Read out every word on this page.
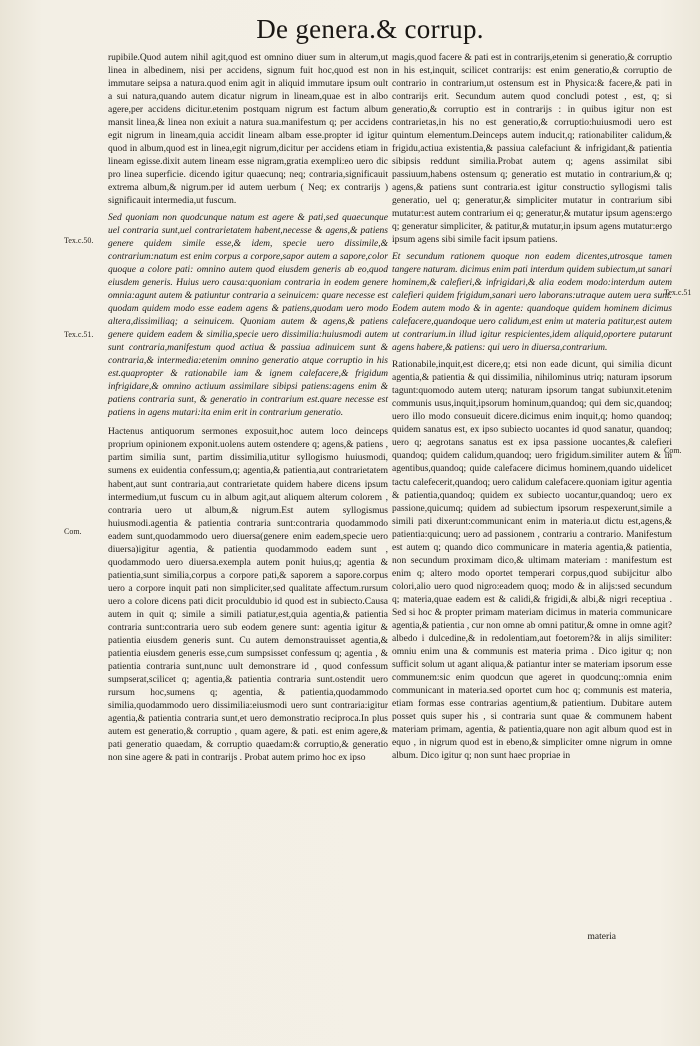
De genera.& corrup.
Tex.c.50.
Tex.c.51.
Com.
Tex.c.51
Com.

rupibile.Quod autem nihil agit,quod est omnino diuer sum in alterum,ut linea in albedinem, nisi per accidens, signum fuit hoc,quod est non immutare seipsa a natura.quod enim agit in aliquid immutare ipsum oult a sui natura,quando autem dicatur nigrum in lineam,quae est in albo agere,per accidens dicitur.etenim postquam nigrum est factum album mansit linea,& linea non exiuit a natura sua.manifestum q; per accidens egit nigrum in lineam,quia accidit lineam albam esse.propter id igitur quod in album,quod est in linea,egit nigrum,dicitur per accidens etiam in lineam egisse.dixit autem lineam esse nigram,gratia exempli:eo uero dic pro linea superficie. dicendo igitur quaecunq; neq; contraria,significauit extrema album,& nigrum.per id autem uerbum ( Neq; ex contrarijs ) significauit intermedia,ut fuscum.

Sed quoniam non quodcunque natum est agere & pati,sed quaecunque uel contraria sunt,uel contrarietatem habent,necesse & agens,& patiens genere quidem simile esse,& idem, specie uero dissimile,& contrarium:natum est enim corpus a corpore,sapor autem a sapore,color quoque a colore pati: omnino autem quod eiusdem generis ab eo,quod eiusdem generis. Huius uero causa:quoniam contraria in eodem genere omnia:agunt autem & patiuntur contraria a seinuicem: quare necesse est quodam quidem modo esse eadem agens & patiens,quodam uero modo altera,dissimiliaq; a seinuicem. Quoniam autem & agens,& patiens genere quidem eadem & similia,specie uero dissimilia:huiusmodi autem sunt contraria,manifestum quod actiua & passiua adinuicem sunt & contraria,& intermedia:etenim omnino generatio atque corruptio in his est.quapropter & rationabile iam & ignem calefacere,& frigidum infrigidare,& omnino actiuum assimilare sibipsi patiens:agens enim & patiens contraria sunt, & generatio in contrarium est.quare necesse est patiens in agens mutari:ita enim erit in contrarium generatio.

Hactenus antiquorum sermones exposuit,hoc autem loco deinceps proprium opinionem exponit.uolens autem ostendere q; agens,& patiens , partim similia sunt, partim dissimilia,utitur syllogismo huiusmodi, sumens ex euidentia confessum,q; agentia,& patientia,aut contrarietatem habent,aut sunt contraria,aut contrarietate quidem habere dicens ipsum intermedium,ut fuscum cu in album agit,aut aliquem alterum colorem , contraria uero ut album,& nigrum.Est autem syllogismus huiusmodi.agentia & patientia contraria sunt:contraria quodammodo eadem sunt,quodammodo uero diuersa(genere enim eadem,specie uero diuersa)igitur agentia, & patientia quodammodo eadem sunt , quodammodo uero diuersa.exempla autem ponit huius,q; agentia & patientia,sunt similia,corpus a corpore pati,& saporem a sapore.corpus uero a corpore inquit pati non simpliciter,sed qualitate affectum.rursum uero a colore dicens pati dicit proculdubio id quod est in subiecto.Causa autem in quit q; simile a simili patiatur,est,quia agentia,& patientia contraria sunt:contraria uero sub eodem genere sunt: agentia igitur & patientia eiusdem generis sunt. Cu autem demonstrauisset agentia,& patientia eiusdem generis esse,cum sumpsisset confessum q; agentia , & patientia contraria sunt,nunc uult demonstrare id , quod confessum sumpserat,scilicet q; agentia,& patientia contraria sunt.ostendit uero rursum hoc,sumens q; agentia, & patientia,quodammodo similia,quodammodo uero dissimilia:eiusmodi uero sunt contraria:igitur agentia,& patientia contraria sunt,et uero demonstratio reciproca.In plus autem est generatio,& corruptio , quam agere, & pati. est enim agere,& pati generatio quaedam, & corruptio quaedam:& corruptio,& generatio non sine agere & pati in contrarijs . Probat autem primo hoc ex ipso

magis,quod facere & pati est in contrarijs,etenim si generatio,& corruptio in his est,inquit, scilicet contrarijs: est enim generatio,& corruptio de contrario in contrarium,ut ostensum est in Physica:& facere,& pati in contrarijs erit. Secundum autem quod concludi potest , est, q; si generatio,& corruptio est in contrarijs : in quibus igitur non est contrarietas,in his no est generatio,& corruptio:huiusmodi uero est quintum elementum.Deinceps autem inducit,q; rationabiliter calidum,& frigidu,actiua existentia,& passiua calefaciunt & infrigidant,& patientia sibipsis reddunt similia.Probat autem q; agens assimilat sibi passiuum,habens ostensum q; generatio est mutatio in contrarium,& q; agens,& patiens sunt contraria.est igitur constructio syllogismi talis generatio, uel q; generatur,& simpliciter mutatur in contrarium sibi mutatur:est autem contrarium ei q; generatur,& mutatur ipsum agens:ergo q; generatur simpliciter, & patitur,& mutatur,in ipsum agens mutatur:ergo ipsum agens sibi simile facit ipsum patiens.

Et secundum rationem quoque non eadem dicentes,utrosque tamen tangere naturam. dicimus enim pati interdum quidem subiectum,ut sanari hominem,& calefieri,& infrigidari,& alia eodem modo:interdum autem calefieri quidem frigidum,sanari uero laborans:utraque autem uera sunt. Eodem autem modo & in agente: quandoque quidem hominem dicimus calefacere,quandoque uero calidum,est enim ut materia patitur,est autem ut contrarium.in illud igitur respicientes,idem aliquid,oportere putarunt agens habere,& patiens: qui uero in diuersa,contrarium.

Rationabile,inquit,est dicere,q; etsi non eade dicunt, qui similia dicunt agentia,& patientia & qui dissimilia, nihilominus utriq; naturam ipsorum tagunt:quomodo autem uterq; naturam ipsorum tangat subiunxit.etenim communis usus,inquit,ipsorum hominum,quandoq; qui dem sic,quandoq; uero illo modo consueuit dicere.dicimus enim inquit,q; homo quandoq; quidem sanatus est, ex ipso subiecto uocantes id quod sanatur, quandoq; uero q; aegrotans sanatus est ex ipsa passione uocantes,& calefieri quandoq; quidem calidum,quandoq; uero frigidum.similiter autem & in agentibus,quandoq; quide calefacere dicimus hominem,quando uidelicet tactu calefecerit,quandoq; uero calidum calefacere.quoniam igitur agentia & patientia,quandoq; quidem ex subiecto uocantur,quandoq; uero ex passione,quicumq; quidem ad subiectum ipsorum respexerunt,simile a simili pati dixerunt:communicant enim in materia.ut dictu est,agens,& patientia:quicunq; uero ad passionem , contrariu a contrario. Manifestum est autem q; quando dico communicare in materia agentia,& patientia, non secundum proximam dico,& ultimam materiam : manifestum est enim q; altero modo oportet temperari corpus,quod subijcitur albo colori,alio uero quod nigro:eadem quoq; modo & in alijs:sed secundum q; materia,quae eadem est & calidi,& frigidi,& albi,& nigri receptiua . Sed si hoc & propter primam materiam dicimus in materia communicare agentia,& patientia , cur non omne ab omni patitur,& omne in omne agit? albedo i dulcedine,& in redolentiam,aut foetorem?& in alijs similiter: omniu enim una & communis est materia prima . Dico igitur q; non sufficit solum ut agant aliqua,& patiantur inter se materiam ipsorum esse communem:sic enim quodcun que ageret in quodcunq;:omnia enim communicant in materia.sed oportet cum hoc q; communis est materia, etiam formas esse contrarias agentium,& patientium. Dubitare autem posset quis super his , si contraria sunt quae & communem habent materiam primam, agentia, & patientia,quare non agit album quod est in equo , in nigrum quod est in ebeno,& simpliciter omne nigrum in omne album. Dico igitur q; non sunt haec propriae in

materia
